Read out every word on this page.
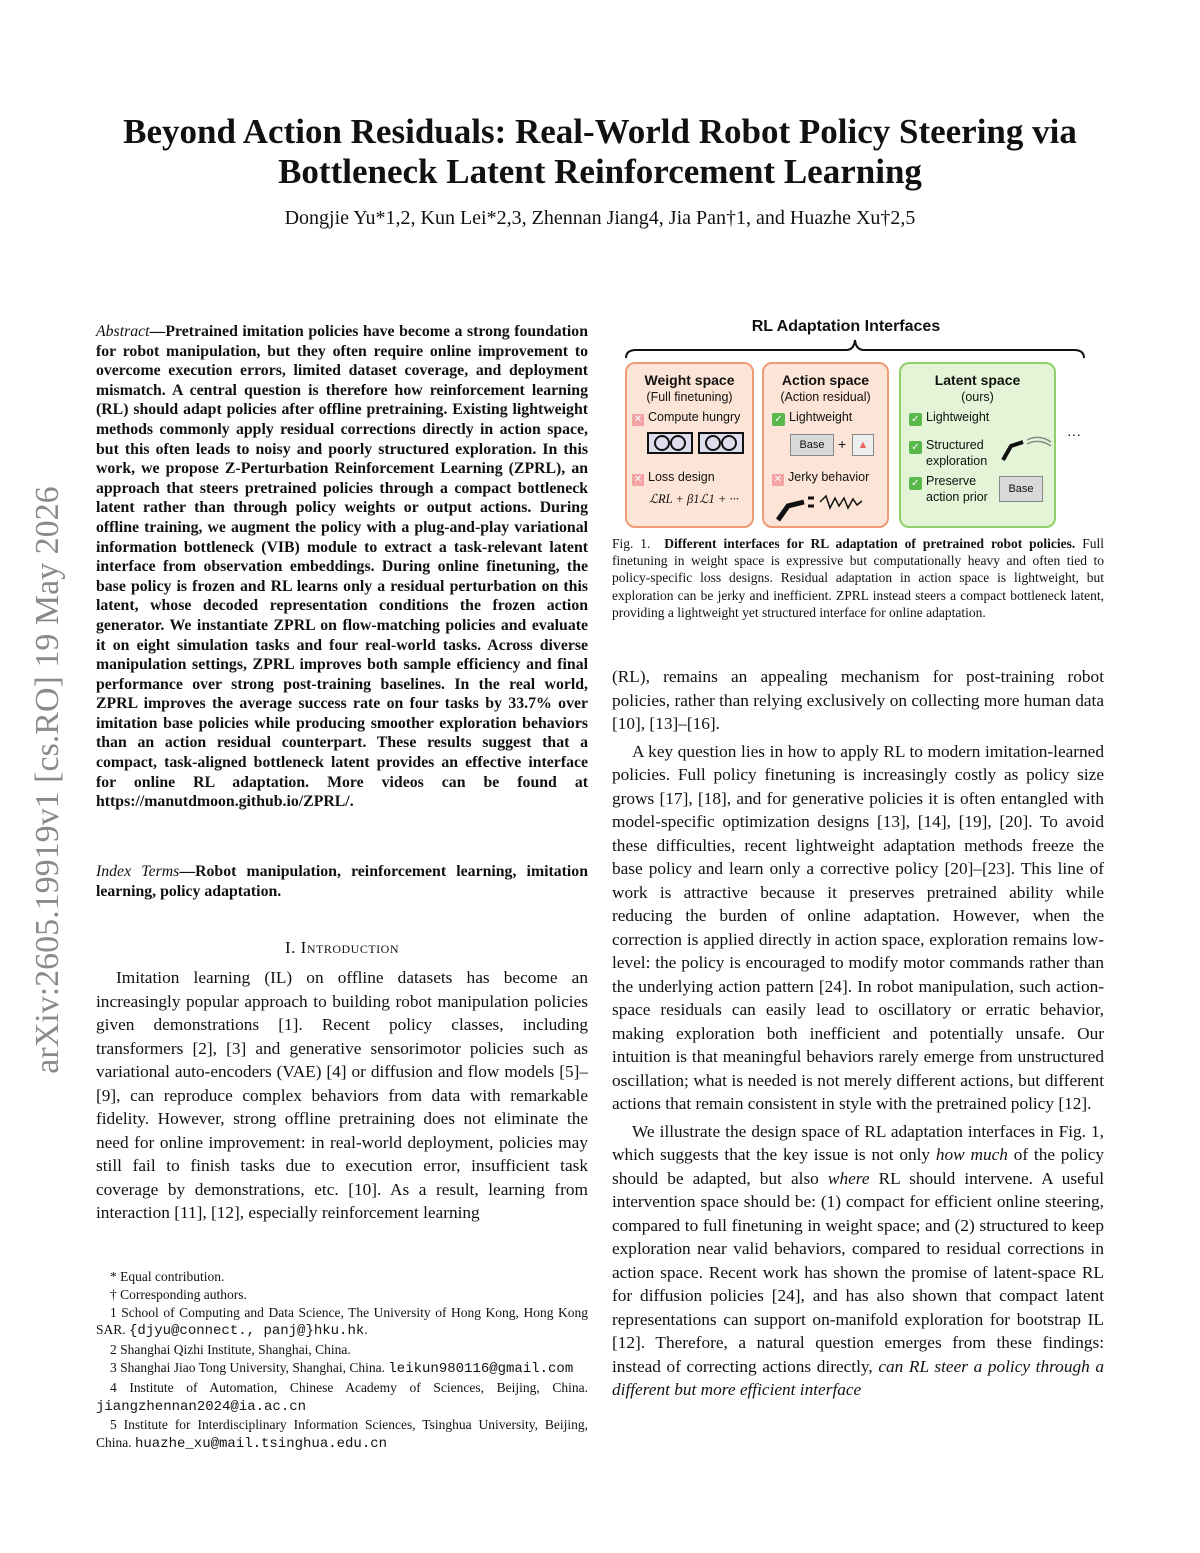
arXiv:2605.19919v1 [cs.RO] 19 May 2026
Beyond Action Residuals: Real-World Robot Policy Steering via
Bottleneck Latent Reinforcement Learning
Dongjie Yu*1,2, Kun Lei*2,3, Zhennan Jiang4, Jia Pan†1, and Huazhe Xu†2,5
Abstract—Pretrained imitation policies have become a strong foundation for robot manipulation, but they often require online improvement to overcome execution errors, limited dataset coverage, and deployment mismatch. A central question is therefore how reinforcement learning (RL) should adapt policies after offline pretraining. Existing lightweight methods commonly apply residual corrections directly in action space, but this often leads to noisy and poorly structured exploration. In this work, we propose Z-Perturbation Reinforcement Learning (ZPRL), an approach that steers pretrained policies through a compact bottleneck latent rather than through policy weights or output actions. During offline training, we augment the policy with a plug-and-play variational information bottleneck (VIB) module to extract a task-relevant latent interface from observation embeddings. During online finetuning, the base policy is frozen and RL learns only a residual perturbation on this latent, whose decoded representation conditions the frozen action generator. We instantiate ZPRL on flow-matching policies and evaluate it on eight simulation tasks and four real-world tasks. Across diverse manipulation settings, ZPRL improves both sample efficiency and final performance over strong post-training baselines. In the real world, ZPRL improves the average success rate on four tasks by 33.7% over imitation base policies while producing smoother exploration behaviors than an action residual counterpart. These results suggest that a compact, task-aligned bottleneck latent provides an effective interface for online RL adaptation. More videos can be found at https://manutdmoon.github.io/ZPRL/.
Index Terms—Robot manipulation, reinforcement learning, imitation learning, policy adaptation.
I. Introduction

Imitation learning (IL) on offline datasets has become an increasingly popular approach to building robot manipulation policies given demonstrations [1]. Recent policy classes, including transformers [2], [3] and generative sensorimotor policies such as variational auto-encoders (VAE) [4] or diffusion and flow models [5]–[9], can reproduce complex behaviors from data with remarkable fidelity. However, strong offline pretraining does not eliminate the need for online improvement: in real-world deployment, policies may still fail to finish tasks due to execution error, insufficient task coverage by demonstrations, etc. [10]. As a result, learning from interaction [11], [12], especially reinforcement learning

* Equal contribution.
† Corresponding authors.
1 School of Computing and Data Science, The University of Hong Kong, Hong Kong SAR. {djyu@connect., panj@}hku.hk.
2 Shanghai Qizhi Institute, Shanghai, China.
3 Shanghai Jiao Tong University, Shanghai, China. leikun980116@gmail.com
4 Institute of Automation, Chinese Academy of Sciences, Beijing, China. jiangzhennan2024@ia.ac.cn
5 Institute for Interdisciplinary Information Sciences, Tsinghua University, Beijing, China. huazhe_xu@mail.tsinghua.edu.cn
RL Adaptation Interfaces
Weight space
(Full finetuning)
✕ Compute hungry
✕ Loss design
ℒRL + β1ℒ1 + ···
Action space
(Action residual)
✓ Lightweight
Base +	▲
✕ Jerky behavior
Latent space
(ours)
✓ Lightweight
✓ Structured
exploration
✓ Preserve
action prior
Base
···
Fig. 1. Different interfaces for RL adaptation of pretrained robot policies. Full finetuning in weight space is expressive but computationally heavy and often tied to policy-specific loss designs. Residual adaptation in action space is lightweight, but exploration can be jerky and inefficient. ZPRL instead steers a compact bottleneck latent, providing a lightweight yet structured interface for online adaptation.

(RL), remains an appealing mechanism for post-training robot policies, rather than relying exclusively on collecting more human data [10], [13]–[16].

A key question lies in how to apply RL to modern imitation-learned policies. Full policy finetuning is increasingly costly as policy size grows [17], [18], and for generative policies it is often entangled with model-specific optimization designs [13], [14], [19], [20]. To avoid these difficulties, recent lightweight adaptation methods freeze the base policy and learn only a corrective policy [20]–[23]. This line of work is attractive because it preserves pretrained ability while reducing the burden of online adaptation. However, when the correction is applied directly in action space, exploration remains low-level: the policy is encouraged to modify motor commands rather than the underlying action pattern [24]. In robot manipulation, such action-space residuals can easily lead to oscillatory or erratic behavior, making exploration both inefficient and potentially unsafe. Our intuition is that meaningful behaviors rarely emerge from unstructured oscillation; what is needed is not merely different actions, but different actions that remain consistent in style with the pretrained policy [12].

We illustrate the design space of RL adaptation interfaces in Fig. 1, which suggests that the key issue is not only how much of the policy should be adapted, but also where RL should intervene. A useful intervention space should be: (1) compact for efficient online steering, compared to full finetuning in weight space; and (2) structured to keep exploration near valid behaviors, compared to residual corrections in action space. Recent work has shown the promise of latent-space RL for diffusion policies [24], and has also shown that compact latent representations can support on-manifold exploration for bootstrap IL [12]. Therefore, a natural question emerges from these findings: instead of correcting actions directly, can RL steer a policy through a different but more efficient interface
